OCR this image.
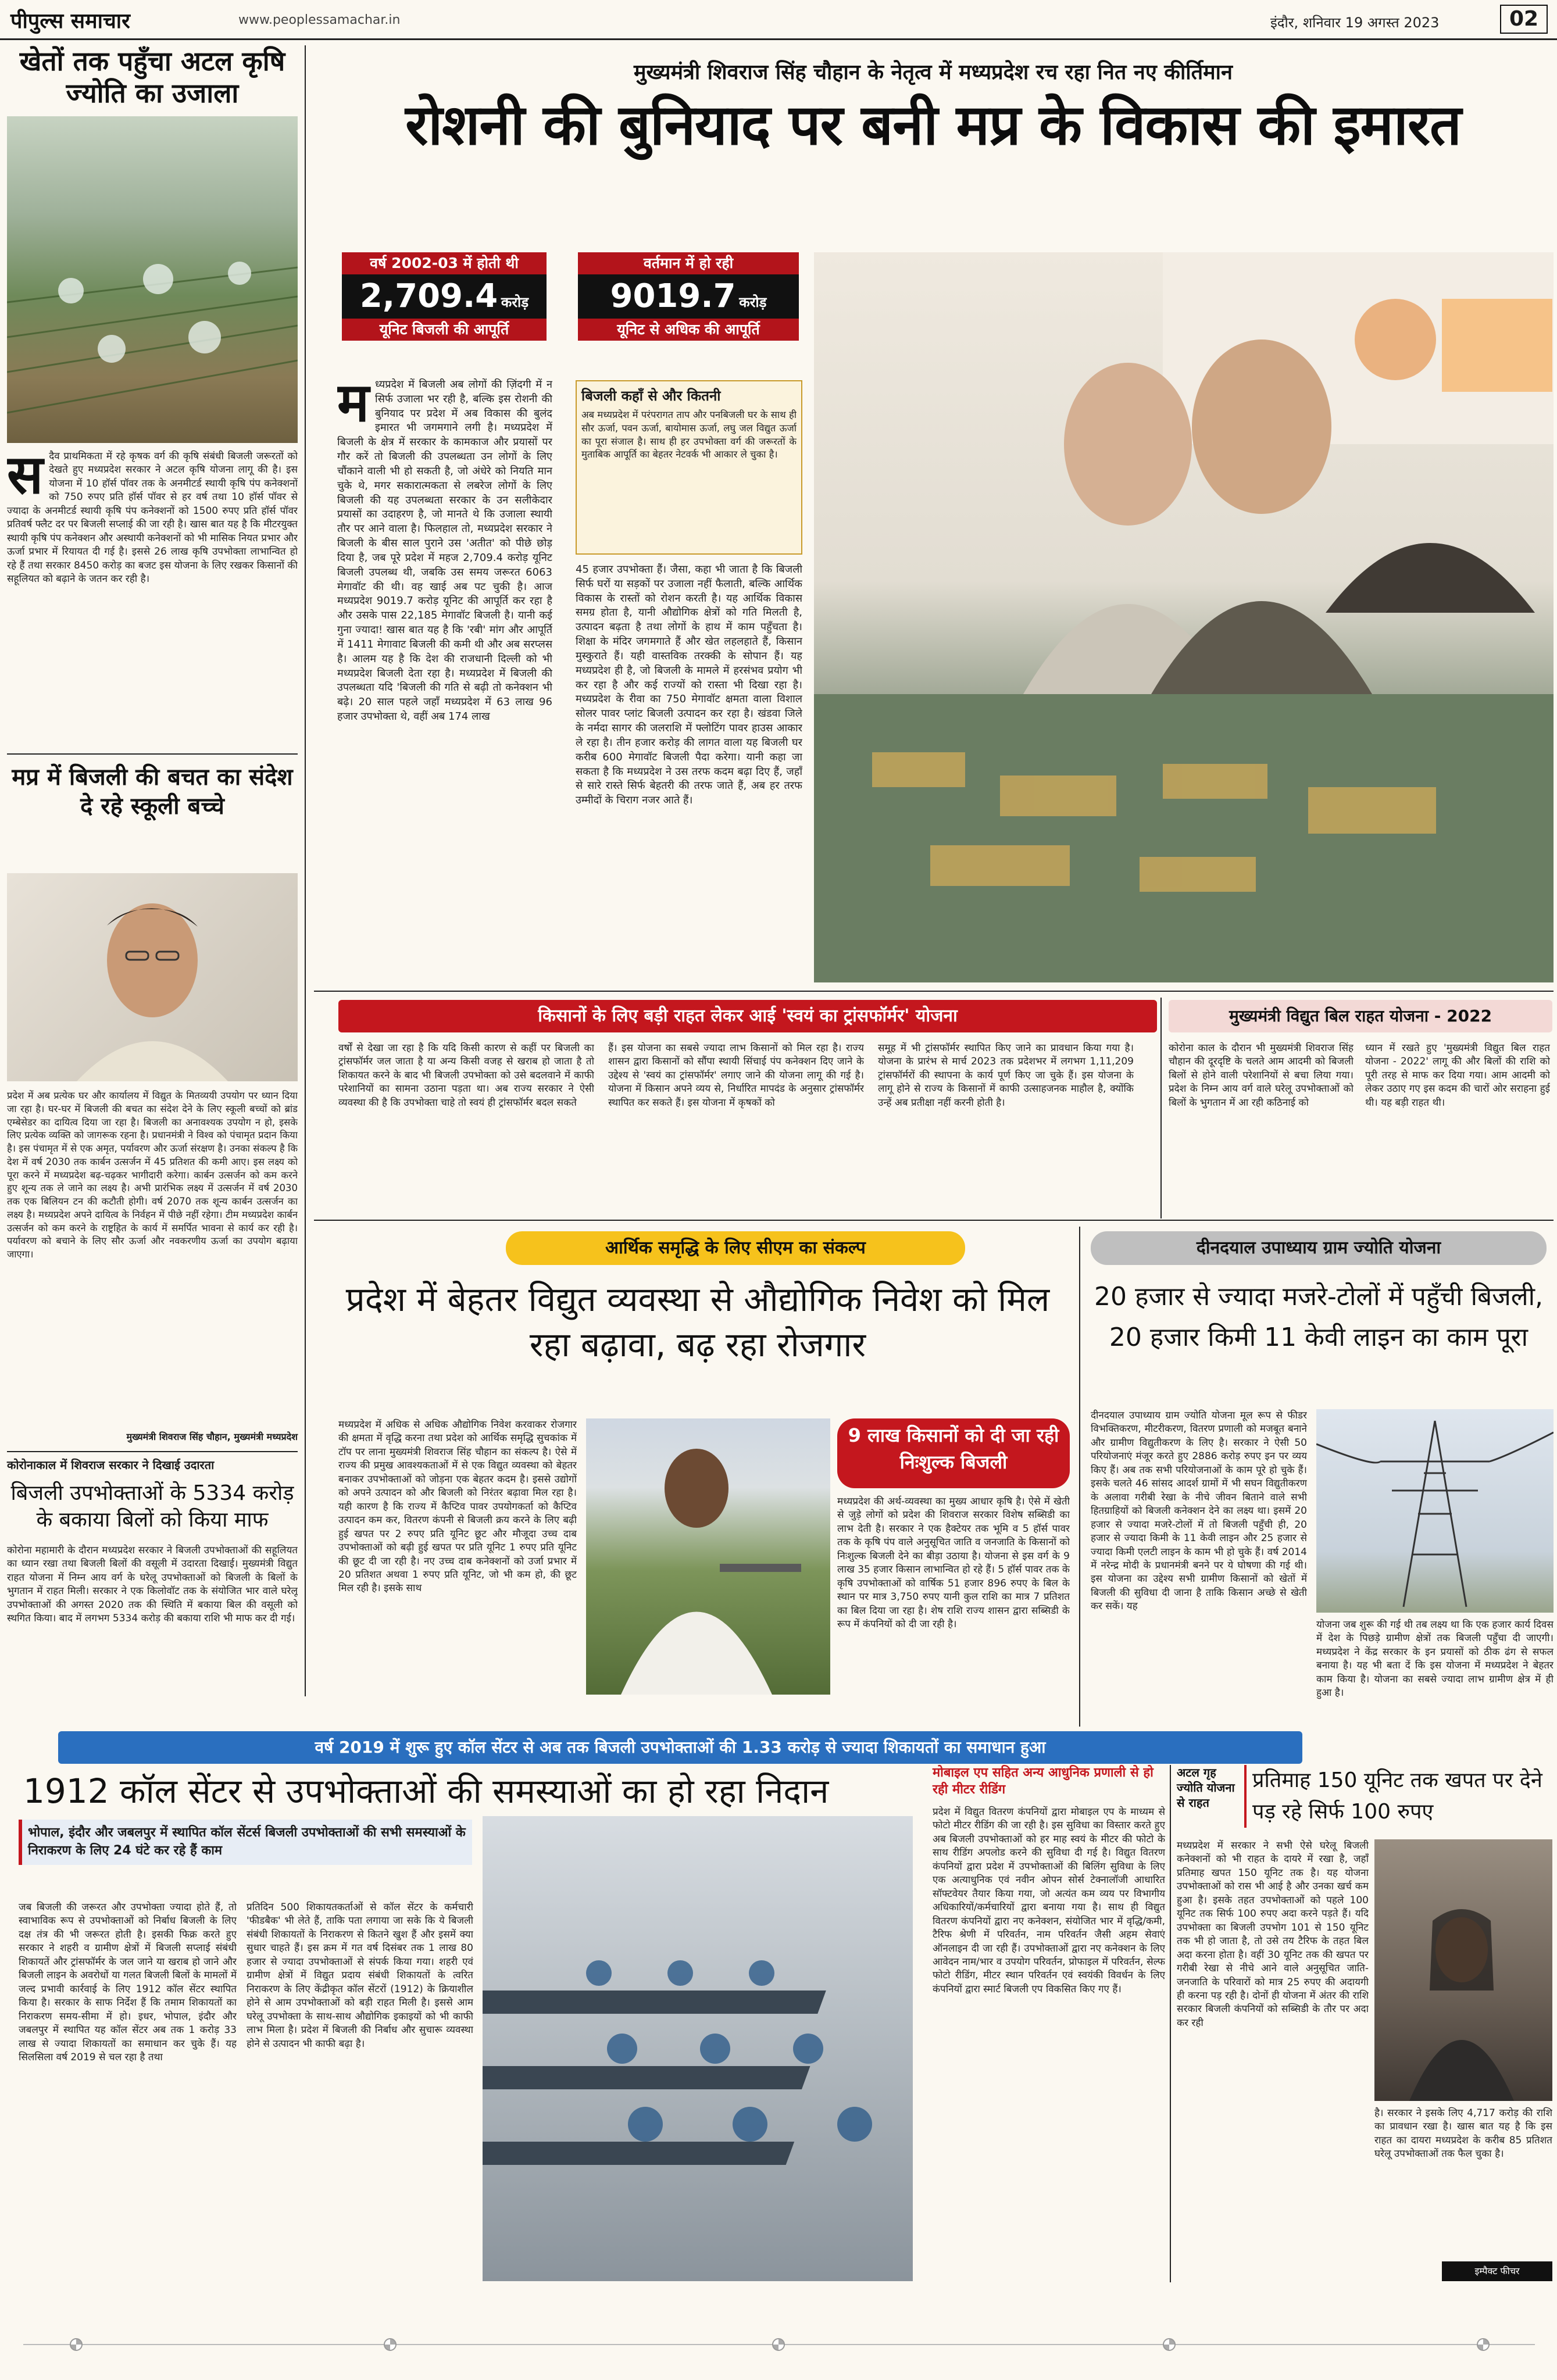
पीपुल्स समाचार	www.peoplessamachar.in	इंदौर, शनिवार 19 अगस्त 2023	02
खेतों तक पहुँचा अटल कृषि ज्योति का उजाला
सदैव प्राथमिकता में रहे कृषक वर्ग की कृषि संबंधी बिजली जरूरतों को देखते हुए मध्यप्रदेश सरकार ने अटल कृषि योजना लागू की है। इस योजना में 10 हॉर्स पॉवर तक के अनमीटर्ड स्थायी कृषि पंप कनेक्शनों को 750 रुपए प्रति हॉर्स पॉवर से हर वर्ष तथा 10 हॉर्स पॉवर से ज्यादा के अनमीटर्ड स्थायी कृषि पंप कनेक्शनों को 1500 रुपए प्रति हॉर्स पॉवर प्रतिवर्ष फ्लैट दर पर बिजली सप्लाई की जा रही है। खास बात यह है कि मीटरयुक्त स्थायी कृषि पंप कनेक्शन और अस्थायी कनेक्शनों को भी मासिक नियत प्रभार और ऊर्जा प्रभार में रियायत दी गई है। इससे 26 लाख कृषि उपभोक्ता लाभान्वित हो रहे हैं तथा सरकार 8450 करोड़ का बजट इस योजना के लिए रखकर किसानों की सहूलियत को बढ़ाने के जतन कर रही है।
मप्र में बिजली की बचत का संदेश दे रहे स्कूली बच्चे
प्रदेश में अब प्रत्येक घर और कार्यालय में विद्युत के मितव्ययी उपयोग पर ध्यान दिया जा रहा है। घर-घर में बिजली की बचत का संदेश देने के लिए स्कूली बच्चों को ब्रांड एम्बेसेडर का दायित्व दिया जा रहा है। बिजली का अनावश्यक उपयोग न हो, इसके लिए प्रत्येक व्यक्ति को जागरूक रहना है। प्रधानमंत्री ने विश्व को पंचामृत प्रदान किया है। इस पंचामृत में से एक अमृत, पर्यावरण और ऊर्जा संरक्षण है। उनका संकल्प है कि देश में वर्ष 2030 तक कार्बन उत्सर्जन में 45 प्रतिशत की कमी आए। इस लक्ष्य को पूरा करने में मध्यप्रदेश बढ़-चढ़कर भागीदारी करेगा। कार्बन उत्सर्जन को कम करने हुए शून्य तक ले जाने का लक्ष्य है। अभी प्रारंभिक लक्ष्य में उत्सर्जन में वर्ष 2030 तक एक बिलियन टन की कटौती होगी। वर्ष 2070 तक शून्य कार्बन उत्सर्जन का लक्ष्य है। मध्यप्रदेश अपने दायित्व के निर्वहन में पीछे नहीं रहेगा। टीम मध्यप्रदेश कार्बन उत्सर्जन को कम करने के राष्ट्रहित के कार्य में समर्पित भावना से कार्य कर रही है। पर्यावरण को बचाने के लिए सौर ऊर्जा और नवकरणीय ऊर्जा का उपयोग बढ़ाया जाएगा।
मुख्यमंत्री शिवराज सिंह चौहान, मुख्यमंत्री मध्यप्रदेश
कोरोनाकाल में शिवराज सरकार ने दिखाई उदारता
बिजली उपभोक्ताओं के 5334 करोड़ के बकाया बिलों को किया माफ
कोरोना महामारी के दौरान मध्यप्रदेश सरकार ने बिजली उपभोक्ताओं की सहूलियत का ध्यान रखा तथा बिजली बिलों की वसूली में उदारता दिखाई। मुख्यमंत्री विद्युत राहत योजना में निम्न आय वर्ग के घरेलू उपभोक्ताओं को बिजली के बिलों के भुगतान में राहत मिली। सरकार ने एक किलोवॉट तक के संयोजित भार वाले घरेलू उपभोक्ताओं की अगस्त 2020 तक की स्थिति में बकाया बिल की वसूली को स्थगित किया। बाद में लगभग 5334 करोड़ की बकाया राशि भी माफ कर दी गई।
मुख्यमंत्री शिवराज सिंह चौहान के नेतृत्व में मध्यप्रदेश रच रहा नित नए कीर्तिमान
रोशनी की बुनियाद पर बनी मप्र के विकास की इमारत
वर्ष 2002-03 में होती थी
2,709.4 करोड़
यूनिट बिजली की आपूर्ति
वर्तमान में हो रही
9019.7 करोड़
यूनिट से अधिक की आपूर्ति
मध्यप्रदेश में बिजली अब लोगों की ज़िंदगी में न सिर्फ उजाला भर रही है, बल्कि इस रोशनी की बुनियाद पर प्रदेश में अब विकास की बुलंद इमारत भी जगमगाने लगी है। मध्यप्रदेश में बिजली के क्षेत्र में सरकार के कामकाज और प्रयासों पर गौर करें तो बिजली की उपलब्धता उन लोगों के लिए चौंकाने वाली भी हो सकती है, जो अंधेरे को नियति मान चुके थे, मगर सकारात्मकता से लबरेज लोगों के लिए बिजली की यह उपलब्धता सरकार के उन सलीकेदार प्रयासों का उदाहरण है, जो मानते थे कि उजाला स्थायी तौर पर आने वाला है। फिलहाल तो, मध्यप्रदेश सरकार ने बिजली के बीस साल पुराने उस 'अतीत' को पीछे छोड़ दिया है, जब पूरे प्रदेश में महज 2,709.4 करोड़ यूनिट बिजली उपलब्ध थी, जबकि उस समय जरूरत 6063 मेगावॉट की थी। वह खाई अब पट चुकी है। आज मध्यप्रदेश 9019.7 करोड़ यूनिट की आपूर्ति कर रहा है और उसके पास 22,185 मेगावॉट बिजली है। यानी कई गुना ज्यादा! खास बात यह है कि 'रबी' मांग और आपूर्ति में 1411 मेगावाट बिजली की कमी थी और अब सरप्लस है। आलम यह है कि देश की राजधानी दिल्ली को भी मध्यप्रदेश बिजली देता रहा है। मध्यप्रदेश में बिजली की उपलब्धता यदि 'बिजली की गति से बढ़ी तो कनेक्शन भी बढ़े। 20 साल पहले जहाँ मध्यप्रदेश में 63 लाख 96 हजार उपभोक्ता थे, वहीं अब 174 लाख
बिजली कहाँ से और कितनी
अब मध्यप्रदेश में परंपरागत ताप और पनबिजली घर के साथ ही सौर ऊर्जा, पवन ऊर्जा, बायोमास ऊर्जा, लघु जल विद्युत ऊर्जा का पूरा संजाल है। साथ ही हर उपभोक्ता वर्ग की जरूरतों के मुताबिक आपूर्ति का बेहतर नेटवर्क भी आकार ले चुका है।
45 हजार उपभोक्ता हैं। जैसा, कहा भी जाता है कि बिजली सिर्फ घरों या सड़कों पर उजाला नहीं फैलाती, बल्कि आर्थिक विकास के रास्तों को रोशन करती है। यह आर्थिक विकास समग्र होता है, यानी औद्योगिक क्षेत्रों को गति मिलती है, उत्पादन बढ़ता है तथा लोगों के हाथ में काम पहुँचता है। शिक्षा के मंदिर जगमगाते हैं और खेत लहलहाते हैं, किसान मुस्कुराते हैं। यही वास्तविक तरक्की के सोपान हैं। यह मध्यप्रदेश ही है, जो बिजली के मामले में हरसंभव प्रयोग भी कर रहा है और कई राज्यों को रास्ता भी दिखा रहा है। मध्यप्रदेश के रीवा का 750 मेगावॉट क्षमता वाला विशाल सोलर पावर प्लांट बिजली उत्पादन कर रहा है। खंडवा जिले के नर्मदा सागर की जलराशि में फ्लोटिंग पावर हाउस आकार ले रहा है। तीन हजार करोड़ की लागत वाला यह बिजली घर करीब 600 मेगावॉट बिजली पैदा करेगा। यानी कहा जा सकता है कि मध्यप्रदेश ने उस तरफ कदम बढ़ा दिए हैं, जहाँ से सारे रास्ते सिर्फ बेहतरी की तरफ जाते हैं, अब हर तरफ उम्मीदों के चिराग नजर आते हैं।
किसानों के लिए बड़ी राहत लेकर आई 'स्वयं का ट्रांसफॉर्मर' योजना
वर्षों से देखा जा रहा है कि यदि किसी कारण से कहीं पर बिजली का ट्रांसफॉर्मर जल जाता है या अन्य किसी वजह से खराब हो जाता है तो शिकायत करने के बाद भी बिजली उपभोक्ता को उसे बदलवाने में काफी परेशानियों का सामना उठाना पड़ता था। अब राज्य सरकार ने ऐसी व्यवस्था की है कि उपभोक्ता चाहे तो स्वयं ही ट्रांसफॉर्मर बदल सकते
हैं। इस योजना का सबसे ज्यादा लाभ किसानों को मिल रहा है। राज्य शासन द्वारा किसानों को सौंपा स्थायी सिंचाई पंप कनेक्शन दिए जाने के उद्देश्य से 'स्वयं का ट्रांसफॉर्मर' लगाए जाने की योजना लागू की गई है। योजना में किसान अपने व्यय से, निर्धारित मापदंड के अनुसार ट्रांसफॉर्मर स्थापित कर सकते हैं। इस योजना में कृषकों को
समूह में भी ट्रांसफॉर्मर स्थापित किए जाने का प्रावधान किया गया है। योजना के प्रारंभ से मार्च 2023 तक प्रदेशभर में लगभग 1,11,209 ट्रांसफॉर्मरों की स्थापना के कार्य पूर्ण किए जा चुके हैं। इस योजना के लागू होने से राज्य के किसानों में काफी उत्साहजनक माहौल है, क्योंकि उन्हें अब प्रतीक्षा नहीं करनी होती है।
मुख्यमंत्री विद्युत बिल राहत योजना - 2022
कोरोना काल के दौरान भी मुख्यमंत्री शिवराज सिंह चौहान की दूरदृष्टि के चलते आम आदमी को बिजली बिलों से होने वाली परेशानियों से बचा लिया गया। प्रदेश के निम्न आय वर्ग वाले घरेलू उपभोक्ताओं को बिलों के भुगतान में आ रही कठिनाई को
ध्यान में रखते हुए 'मुख्यमंत्री विद्युत बिल राहत योजना - 2022' लागू की और बिलों की राशि को पूरी तरह से माफ कर दिया गया। आम आदमी को लेकर उठाए गए इस कदम की चारों ओर सराहना हुई थी। यह बड़ी राहत थी।
आर्थिक समृद्धि के लिए सीएम का संकल्प
प्रदेश में बेहतर विद्युत व्यवस्था से औद्योगिक निवेश को मिल रहा बढ़ावा, बढ़ रहा रोजगार
मध्यप्रदेश में अधिक से अधिक औद्योगिक निवेश करवाकर रोजगार की क्षमता में वृद्धि करना तथा प्रदेश को आर्थिक समृद्धि सुचकांक में टॉप पर लाना मुख्यमंत्री शिवराज सिंह चौहान का संकल्प है। ऐसे में राज्य की प्रमुख आवश्यकताओं में से एक विद्युत व्यवस्था को बेहतर बनाकर उपभोक्ताओं को जोड़ना एक बेहतर कदम है। इससे उद्योगों को अपने उत्पादन को और बिजली को निरंतर बढ़ावा मिल रहा है। यही कारण है कि राज्य में कैप्टिव पावर उपयोगकर्ता को कैप्टिव उत्पादन कम कर, वितरण कंपनी से बिजली क्रय करने के लिए बढ़ी हुई खपत पर 2 रुपए प्रति यूनिट छूट और मौजूदा उच्च दाब उपभोक्ताओं को बढ़ी हुई खपत पर प्रति यूनिट 1 रुपए प्रति यूनिट की छूट दी जा रही है। नए उच्च दाब कनेक्शनों को उर्जा प्रभार में 20 प्रतिशत अथवा 1 रुपए प्रति यूनिट, जो भी कम हो, की छूट मिल रही है। इसके साथ
9 लाख किसानों को दी जा रही निःशुल्क बिजली
मध्यप्रदेश की अर्थ-व्यवस्था का मुख्य आधार कृषि है। ऐसे में खेती से जुड़े लोगों को प्रदेश की शिवराज सरकार विशेष सब्सिडी का लाभ देती है। सरकार ने एक हैक्टेयर तक भूमि व 5 हॉर्स पावर तक के कृषि पंप वाले अनुसूचित जाति व जनजाति के किसानों को निःशुल्क बिजली देने का बीड़ा उठाया है। योजना से इस वर्ग के 9 लाख 35 हजार किसान लाभान्वित हो रहे हैं। 5 हॉर्स पावर तक के कृषि उपभोक्ताओं को वार्षिक 51 हजार 896 रुपए के बिल के स्थान पर मात्र 3,750 रुपए यानी कुल राशि का मात्र 7 प्रतिशत का बिल दिया जा रहा है। शेष राशि राज्य शासन द्वारा सब्सिडी के रूप में कंपनियों को दी जा रही है।
दीनदयाल उपाध्याय ग्राम ज्योति योजना
20 हजार से ज्यादा मजरे-टोलों में पहुँची बिजली, 20 हजार किमी 11 केवी लाइन का काम पूरा
दीनदयाल उपाध्याय ग्राम ज्योति योजना मूल रूप से फीडर विभक्तिकरण, मीटरीकरण, वितरण प्रणाली को मजबूत बनाने और ग्रामीण विद्युतीकरण के लिए है। सरकार ने ऐसी 50 परियोजनाएं मंजूर करते हुए 2886 करोड़ रुपए इन पर व्यय किए हैं। अब तक सभी परियोजनाओं के काम पूरे हो चुके हैं। इसके चलते 46 सांसद आदर्श ग्रामों में भी सघन विद्युतीकरण के अलावा गरीबी रेखा के नीचे जीवन बिताने वाले सभी हितग्राहियों को बिजली कनेक्शन देने का लक्ष्य था। इसमें 20 हजार से ज्यादा मजरे-टोलों में तो बिजली पहुँची ही, 20 हजार से ज्यादा किमी के 11 केवी लाइन और 25 हजार से ज्यादा किमी एलटी लाइन के काम भी हो चुके हैं। वर्ष 2014 में नरेन्द्र मोदी के प्रधानमंत्री बनने पर ये घोषणा की गई थी। इस योजना का उद्देश्य सभी ग्रामीण किसानों को खेतों में बिजली की सुविधा दी जाना है ताकि किसान अच्छे से खेती कर सकें। यह
योजना जब शुरू की गई थी तब लक्ष्य था कि एक हजार कार्य दिवस में देश के पिछड़े ग्रामीण क्षेत्रों तक बिजली पहुँचा दी जाएगी। मध्यप्रदेश ने केंद्र सरकार के इन प्रयासों को ठीक ढंग से सफल बनाया है। यह भी बता दें कि इस योजना में मध्यप्रदेश ने बेहतर काम किया है। योजना का सबसे ज्यादा लाभ ग्रामीण क्षेत्र में ही हुआ है।
वर्ष 2019 में शुरू हुए कॉल सेंटर से अब तक बिजली उपभोक्ताओं की 1.33 करोड़ से ज्यादा शिकायतों का समाधान हुआ
1912 कॉल सेंटर से उपभोक्ताओं की समस्याओं का हो रहा निदान
भोपाल, इंदौर और जबलपुर में स्थापित कॉल सेंटर्स बिजली उपभोक्ताओं की सभी समस्याओं के निराकरण के लिए 24 घंटे कर रहे हैं काम
जब बिजली की जरूरत और उपभोक्ता ज्यादा होते हैं, तो स्वाभाविक रूप से उपभोक्ताओं को निर्बाध बिजली के लिए दक्ष तंत्र की भी जरूरत होती है। इसकी फिक्र करते हुए सरकार ने शहरी व ग्रामीण क्षेत्रों में बिजली सप्लाई संबंधी शिकायतें और ट्रांसफॉर्मर के जल जाने या खराब हो जाने और बिजली लाइन के अवरोधों या गलत बिजली बिलों के मामलों में जल्द प्रभावी कार्रवाई के लिए 1912 कॉल सेंटर स्थापित किया है। सरकार के साफ निर्देश हैं कि तमाम शिकायतों का निराकरण समय-सीमा में हो। इधर, भोपाल, इंदौर और जबलपुर में स्थापित यह कॉल सेंटर अब तक 1 करोड़ 33 लाख से ज्यादा शिकायतों का समाधान कर चुके हैं। यह सिलसिला वर्ष 2019 से चल रहा है तथा
प्रतिदिन 500 शिकायतकर्ताओं से कॉल सेंटर के कर्मचारी 'फीडबैक' भी लेते हैं, ताकि पता लगाया जा सके कि ये बिजली संबंधी शिकायतों के निराकरण से कितने खुश हैं और इसमें क्या सुधार चाहते हैं। इस क्रम में गत वर्ष दिसंबर तक 1 लाख 80 हजार से ज्यादा उपभोक्ताओं से संपर्क किया गया। शहरी एवं ग्रामीण क्षेत्रों में विद्युत प्रदाय संबंधी शिकायतों के त्वरित निराकरण के लिए केंद्रीकृत कॉल सेंटरों (1912) के क्रियाशील होने से आम उपभोक्ताओं को बड़ी राहत मिली है। इससे आम घरेलू उपभोक्ता के साथ-साथ औद्योगिक इकाइयों को भी काफी लाभ मिला है। प्रदेश में बिजली की निर्बाध और सुचारू व्यवस्था होने से उत्पादन भी काफी बढ़ा है।
मोबाइल एप सहित अन्य आधुनिक प्रणाली से हो रही मीटर रीडिंग
प्रदेश में विद्युत वितरण कंपनियों द्वारा मोबाइल एप के माध्यम से फोटो मीटर रीडिंग की जा रही है। इस सुविधा का विस्तार करते हुए अब बिजली उपभोक्ताओं को हर माह स्वयं के मीटर की फोटो के साथ रीडिंग अपलोड करने की सुविधा दी गई है। विद्युत वितरण कंपनियों द्वारा प्रदेश में उपभोक्ताओं की बिलिंग सुविधा के लिए एक अत्याधुनिक एवं नवीन ओपन सोर्स टेक्नालॉजी आधारित सॉफ्टवेयर तैयार किया गया, जो अत्यंत कम व्यय पर विभागीय अधिकारियों/कर्मचारियों द्वारा बनाया गया है। साथ ही विद्युत वितरण कंपनियों द्वारा नए कनेक्शन, संयोजित भार में वृद्धि/कमी, टैरिफ श्रेणी में परिवर्तन, नाम परिवर्तन जैसी अहम सेवाएं ऑनलाइन दी जा रही हैं। उपभोक्ताओं द्वारा नए कनेक्शन के लिए आवेदन नाम/भार व उपयोग परिवर्तन, प्रोफाइल में परिवर्तन, सेल्फ फोटो रीडिंग, मीटर स्थान परिवर्तन एवं स्वयंकी विवर्धन के लिए कंपनियों द्वारा स्मार्ट बिजली एप विकसित किए गए हैं।
अटल गृह ज्योति योजना से राहत
प्रतिमाह 150 यूनिट तक खपत पर देने पड़ रहे सिर्फ 100 रुपए
मध्यप्रदेश में सरकार ने सभी ऐसे घरेलू बिजली कनेक्शनों को भी राहत के दायरे में रखा है, जहाँ प्रतिमाह खपत 150 यूनिट तक है। यह योजना उपभोक्ताओं को रास भी आई है और उनका खर्च कम हुआ है। इसके तहत उपभोक्ताओं को पहले 100 यूनिट तक सिर्फ 100 रुपए अदा करने पड़ते हैं। यदि उपभोक्ता का बिजली उपभोग 101 से 150 यूनिट तक भी हो जाता है, तो उसे तय टैरिफ के तहत बिल अदा करना होता है। वहीं 30 यूनिट तक की खपत पर गरीबी रेखा से नीचे आने वाले अनुसूचित जाति-जनजाति के परिवारों को मात्र 25 रुपए की अदायगी ही करना पड़ रही है। दोनों ही योजना में अंतर की राशि सरकार बिजली कंपनियों को सब्सिडी के तौर पर अदा कर रही
है। सरकार ने इसके लिए 4,717 करोड़ की राशि का प्रावधान रखा है। खास बात यह है कि इस राहत का दायरा मध्यप्रदेश के करीब 85 प्रतिशत घरेलू उपभोक्ताओं तक फैल चुका है।
इम्पैक्ट फीचर
